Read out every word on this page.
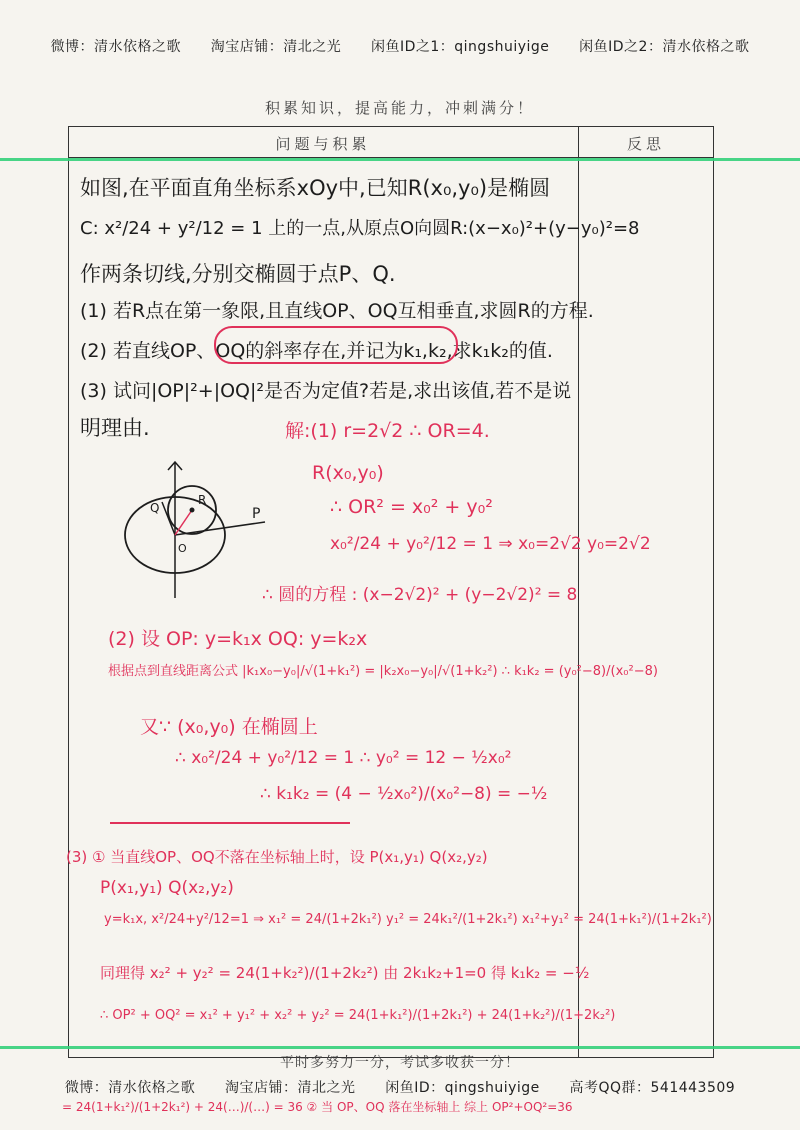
微博：清水依格之歌      淘宝店铺：清北之光      闲鱼ID之1：qingshuiyige      闲鱼ID之2：清水依格之歌
积累知识，提高能力，冲刺满分！
问题与积累	反思
如图,在平面直角坐标系xOy中,已知R(x₀,y₀)是椭圆
C: x²/24 + y²/12 = 1 上的一点,从原点O向圆R:(x−x₀)²+(y−y₀)²=8
作两条切线,分别交椭圆于点P、Q.
(1) 若R点在第一象限,且直线OP、OQ互相垂直,求圆R的方程.
(2) 若直线OP、OQ的斜率存在,并记为k₁,k₂,求k₁k₂的值.
(3) 试问|OP|²+|OQ|²是否为定值?若是,求出该值,若不是说
明理由.
Q
R
P
O
解:(1) r=2√2 ∴ OR=4.
R(x₀,y₀)
∴ OR² = x₀² + y₀²
x₀²/24 + y₀²/12 = 1 ⇒ x₀=2√2 y₀=2√2
∴ 圆的方程 : (x−2√2)² + (y−2√2)² = 8
(2) 设 OP: y=k₁x OQ: y=k₂x
根据点到直线距离公式 |k₁x₀−y₀|/√(1+k₁²) = |k₂x₀−y₀|/√(1+k₂²) ∴ k₁k₂ = (y₀²−8)/(x₀²−8)
又∵ (x₀,y₀) 在椭圆上
∴ x₀²/24 + y₀²/12 = 1 ∴ y₀² = 12 − ½x₀²
∴ k₁k₂ = (4 − ½x₀²)/(x₀²−8) = −½
(3) ① 当直线OP、OQ不落在坐标轴上时，设 P(x₁,y₁) Q(x₂,y₂)
P(x₁,y₁) Q(x₂,y₂)
y=k₁x, x²/24+y²/12=1 ⇒ x₁² = 24/(1+2k₁²) y₁² = 24k₁²/(1+2k₁²) x₁²+y₁² = 24(1+k₁²)/(1+2k₁²)
同理得 x₂² + y₂² = 24(1+k₂²)/(1+2k₂²) 由 2k₁k₂+1=0 得 k₁k₂ = −½
∴ OP² + OQ² = x₁² + y₁² + x₂² + y₂² = 24(1+k₁²)/(1+2k₁²) + 24(1+k₂²)/(1+2k₂²)
= 24(1+k₁²)/(1+2k₁²) + 24(…)/(…) = 36 ② 当 OP、OQ 落在坐标轴上 综上 OP²+OQ²=36
平时多努力一分，考试多收获一分！
微博：清水依格之歌      淘宝店铺：清北之光      闲鱼ID：qingshuiyige      高考QQ群：541443509
